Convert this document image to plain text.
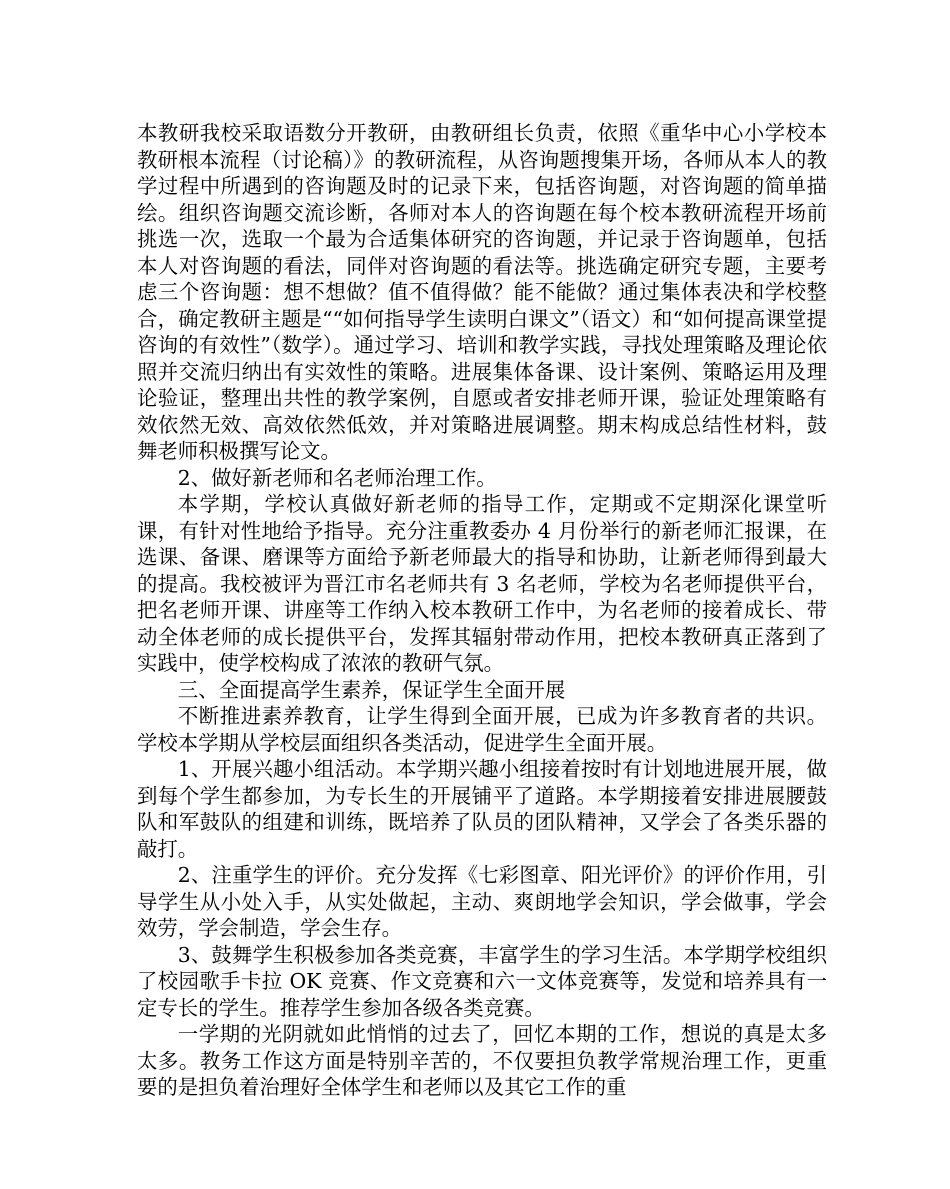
本教研我校采取语数分开教研，由教研组长负责，依照《重华中心小学校本教研根本流程（讨论稿）》的教研流程，从咨询题搜集开场，各师从本人的教学过程中所遇到的咨询题及时的记录下来，包括咨询题，对咨询题的简单描绘。组织咨询题交流诊断，各师对本人的咨询题在每个校本教研流程开场前挑选一次，选取一个最为合适集体研究的咨询题，并记录于咨询题单，包括本人对咨询题的看法，同伴对咨询题的看法等。挑选确定研究专题，主要考虑三个咨询题：想不想做？值不值得做？能不能做？通过集体表决和学校整合，确定教研主题是““如何指导学生读明白课文”（语文）和“如何提高课堂提咨询的有效性”（数学）。通过学习、培训和教学实践，寻找处理策略及理论依照并交流归纳出有实效性的策略。进展集体备课、设计案例、策略运用及理论验证，整理出共性的教学案例，自愿或者安排老师开课，验证处理策略有效依然无效、高效依然低效，并对策略进展调整。期末构成总结性材料，鼓舞老师积极撰写论文。

2、做好新老师和名老师治理工作。

本学期，学校认真做好新老师的指导工作，定期或不定期深化课堂听课，有针对性地给予指导。充分注重教委办 4 月份举行的新老师汇报课，在选课、备课、磨课等方面给予新老师最大的指导和协助，让新老师得到最大的提高。我校被评为晋江市名老师共有 3 名老师，学校为名老师提供平台，把名老师开课、讲座等工作纳入校本教研工作中，为名老师的接着成长、带动全体老师的成长提供平台，发挥其辐射带动作用，把校本教研真正落到了实践中，使学校构成了浓浓的教研气氛。

三、全面提高学生素养，保证学生全面开展

不断推进素养教育，让学生得到全面开展，已成为许多教育者的共识。学校本学期从学校层面组织各类活动，促进学生全面开展。

1、开展兴趣小组活动。本学期兴趣小组接着按时有计划地进展开展，做到每个学生都参加，为专长生的开展铺平了道路。本学期接着安排进展腰鼓队和军鼓队的组建和训练，既培养了队员的团队精神，又学会了各类乐器的敲打。

2、注重学生的评价。充分发挥《七彩图章、阳光评价》的评价作用，引导学生从小处入手，从实处做起，主动、爽朗地学会知识，学会做事，学会效劳，学会制造，学会生存。

3、鼓舞学生积极参加各类竞赛，丰富学生的学习生活。本学期学校组织了校园歌手卡拉 OK 竞赛、作文竞赛和六一文体竞赛等，发觉和培养具有一定专长的学生。推荐学生参加各级各类竞赛。

一学期的光阴就如此悄悄的过去了，回忆本期的工作，想说的真是太多太多。教务工作这方面是特别辛苦的，不仅要担负教学常规治理工作，更重要的是担负着治理好全体学生和老师以及其它工作的重
